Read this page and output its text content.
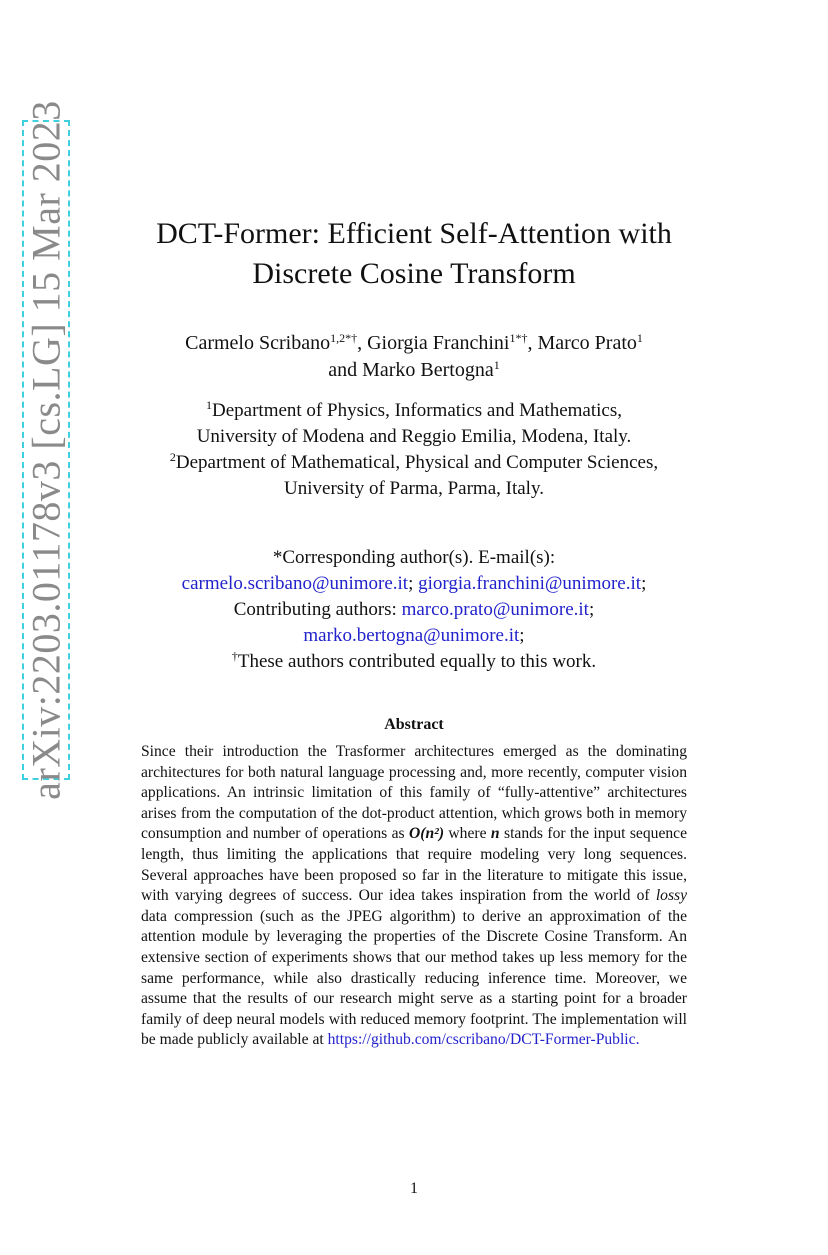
arXiv:2203.01178v3 [cs.LG] 15 Mar 2023	DCT-Former: Efficient Self-Attention with
Discrete Cosine Transform
Carmelo Scribano$^{1,2*\dagger}$, Giorgia Franchini$^{1*\dagger}$, Marco Prato$^1$
and Marko Bertogna$^1$
$^1$Department of Physics, Informatics and Mathematics,
University of Modena and Reggio Emilia, Modena, Italy.
$^2$Department of Mathematical, Physical and Computer Sciences,
University of Parma, Parma, Italy.
*Corresponding author(s). E-mail(s):
carmelo.scribano@unimore.it; giorgia.franchini@unimore.it;
Contributing authors: marco.prato@unimore.it;
marko.bertogna@unimore.it;
†These authors contributed equally to this work.
Abstract
Since their introduction the Trasformer architectures emerged as the dominating architectures for both natural language processing and, more recently, computer vision applications. An intrinsic limitation of this family of “fully-attentive” architectures arises from the computation of the dot-product attention, which grows both in memory consumption and number of operations as O(n²) where n stands for the input sequence length, thus limiting the applications that require modeling very long sequences. Several approaches have been proposed so far in the literature to mitigate this issue, with varying degrees of success. Our idea takes inspiration from the world of lossy data compression (such as the JPEG algorithm) to derive an approximation of the attention module by leveraging the properties of the Discrete Cosine Transform. An extensive section of experiments shows that our method takes up less memory for the same performance, while also drastically reducing inference time. Moreover, we assume that the results of our research might serve as a starting point for a broader family of deep neural models with reduced memory footprint. The implementation will be made publicly available at https://github.com/cscribano/DCT-Former-Public.
1
